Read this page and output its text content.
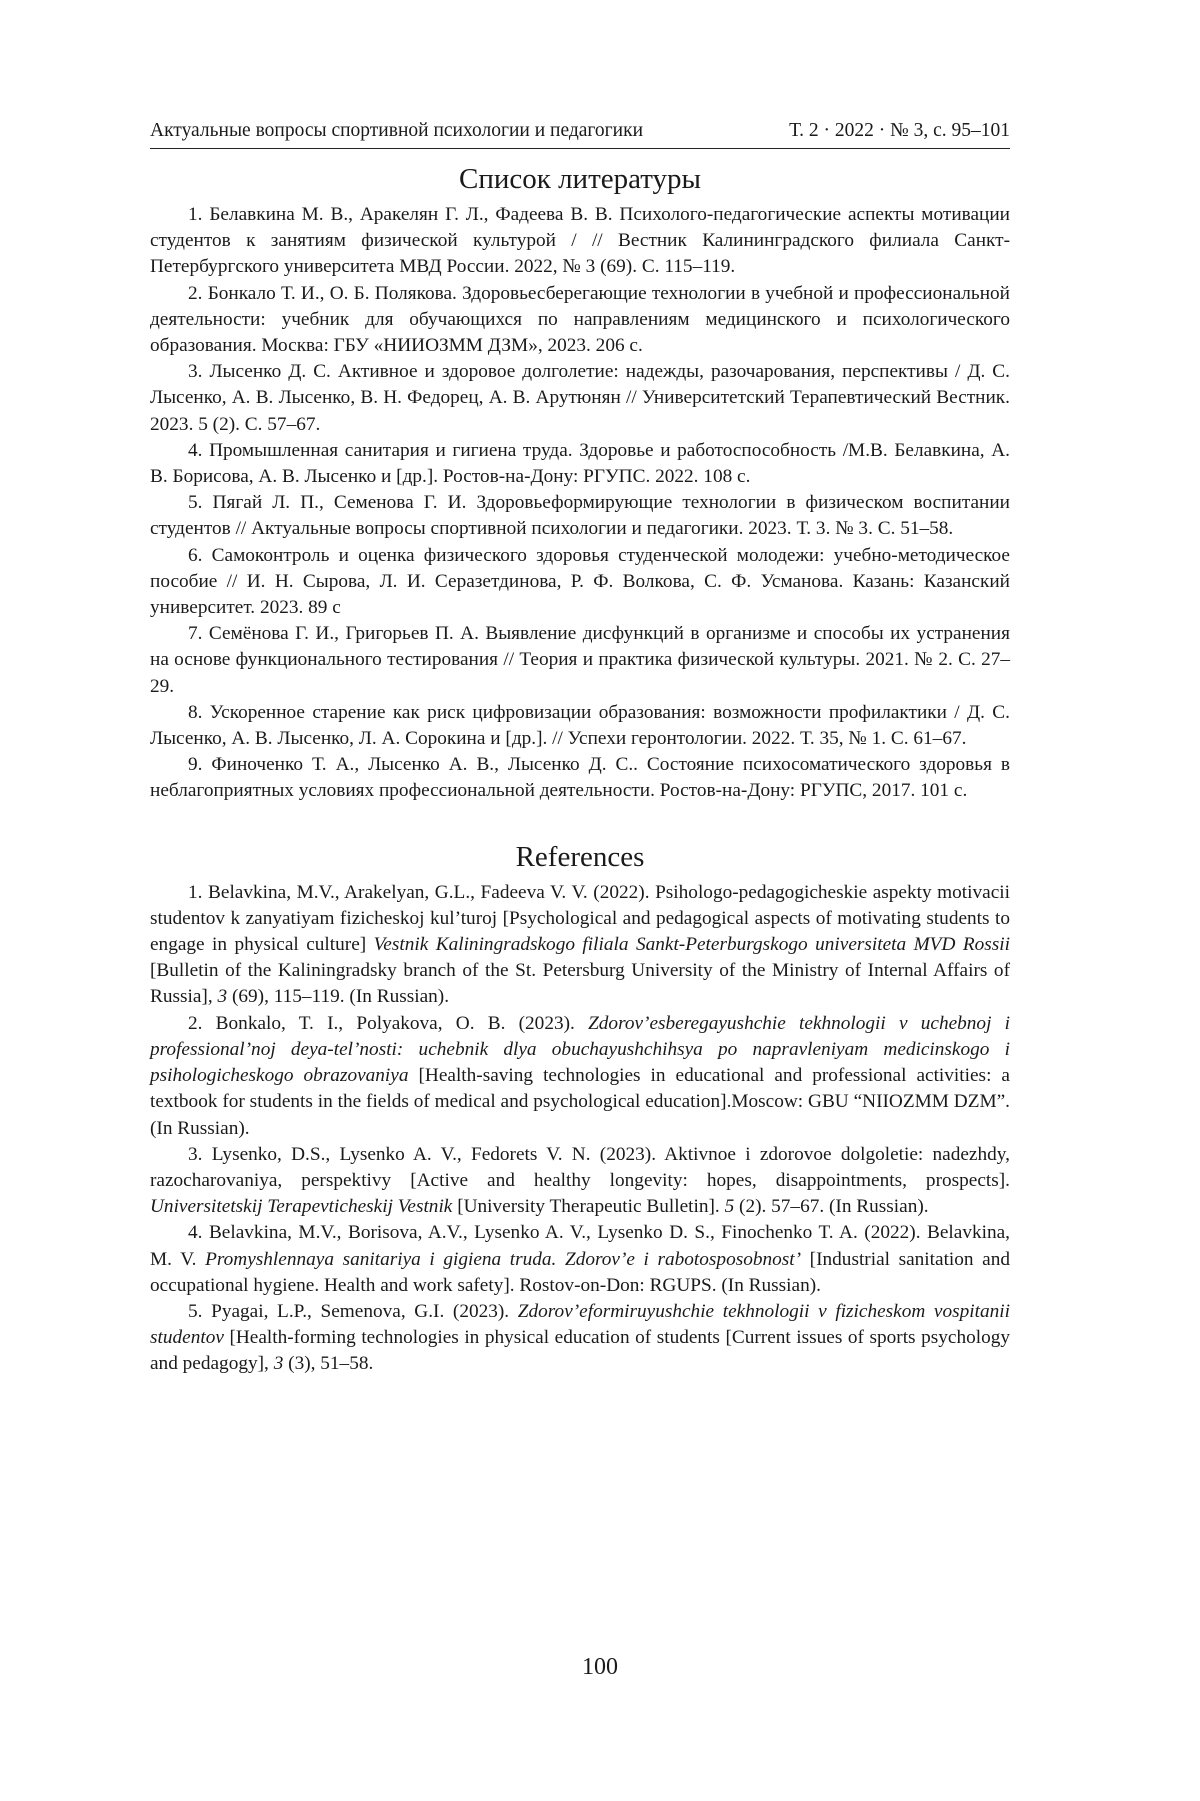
Актуальные вопросы спортивной психологии и педагогики	Т. 2 · 2022 · № 3, с. 95–101
Список литературы
1. Белавкина М. В., Аракелян Г. Л., Фадеева В. В. Психолого-педагогические аспекты мотивации студентов к занятиям физической культурой / // Вестник Калининградского филиала Санкт-Петербургского университета МВД России. 2022, № 3 (69). С. 115–119.
2. Бонкало Т. И., О. Б. Полякова. Здоровьесберегающие технологии в учебной и профессиональной деятельности: учебник для обучающихся по направлениям медицинского и психологического образования. Москва: ГБУ «НИИОЗММ ДЗМ», 2023. 206 с.
3. Лысенко Д. С. Активное и здоровое долголетие: надежды, разочарования, перспективы / Д. С. Лысенко, А. В. Лысенко, В. Н. Федорец, А. В. Арутюнян // Университетский Терапевтический Вестник. 2023. 5 (2). С. 57–67.
4. Промышленная санитария и гигиена труда. Здоровье и работоспособность /М.В. Белавкина, А. В. Борисова, А. В. Лысенко и [др.]. Ростов-на-Дону: РГУПС. 2022. 108 с.
5. Пягай Л. П., Семенова Г. И. Здоровьеформирующие технологии в физическом воспитании студентов // Актуальные вопросы спортивной психологии и педагогики. 2023. Т. 3. № 3. С. 51–58.
6. Самоконтроль и оценка физического здоровья студенческой молодежи: учебно-методическое пособие // И. Н. Сырова, Л. И. Серазетдинова, Р. Ф. Волкова, С. Ф. Усманова. Казань: Казанский университет. 2023. 89 с
7. Семёнова Г. И., Григорьев П. А. Выявление дисфункций в организме и способы их устранения на основе функционального тестирования // Теория и практика физической культуры. 2021. № 2. С. 27–29.
8. Ускоренное старение как риск цифровизации образования: возможности профилактики / Д. С. Лысенко, А. В. Лысенко, Л. А. Сорокина и [др.]. // Успехи геронтологии. 2022. Т. 35, № 1. С. 61–67.
9. Финоченко Т. А., Лысенко А. В., Лысенко Д. С.. Состояние психосоматического здоровья в неблагоприятных условиях профессиональной деятельности. Ростов-на-Дону: РГУПС, 2017. 101 с.
References
1. Belavkina, M.V., Arakelyan, G.L., Fadeeva V. V. (2022). Psihologo-pedagogicheskie aspekty motivacii studentov k zanyatiyam fizicheskoj kul’turoj [Psychological and pedagogical aspects of motivating students to engage in physical culture] Vestnik Kaliningradskogo filiala Sankt-Peterburgskogo universiteta MVD Rossii [Bulletin of the Kaliningradsky branch of the St. Petersburg University of the Ministry of Internal Affairs of Russia], 3 (69), 115–119. (In Russian).
2. Bonkalo, T. I., Polyakova, O. B. (2023). Zdorov’esberegayushchie tekhnologii v uchebnoj i professional’noj deya-tel’nosti: uchebnik dlya obuchayushchihsya po napravleniyam medicinskogo i psihologicheskogo obrazovaniya [Health-saving technologies in educational and professional activities: a textbook for students in the fields of medical and psychological education].Moscow: GBU “NIIOZMM DZM”. (In Russian).
3. Lysenko, D.S., Lysenko A. V., Fedorets V. N. (2023). Aktivnoe i zdorovoe dolgoletie: nadezhdy, razocharovaniya, perspektivy [Active and healthy longevity: hopes, disappointments, prospects]. Universitetskij Terapevticheskij Vestnik [University Therapeutic Bulletin]. 5 (2). 57–67. (In Russian).
4. Belavkina, M.V., Borisova, A.V., Lysenko A. V., Lysenko D. S., Finochenko T. A. (2022). Belavkina, M. V. Promyshlennaya sanitariya i gigiena truda. Zdorov’e i rabotosposobnost’ [Industrial sanitation and occupational hygiene. Health and work safety]. Rostov-on-Don: RGUPS. (In Russian).
5. Pyagai, L.P., Semenova, G.I. (2023). Zdorov’eformiruyushchie tekhnologii v fizicheskom vospitanii studentov [Health-forming technologies in physical education of students [Current issues of sports psychology and pedagogy], 3 (3), 51–58.
100
